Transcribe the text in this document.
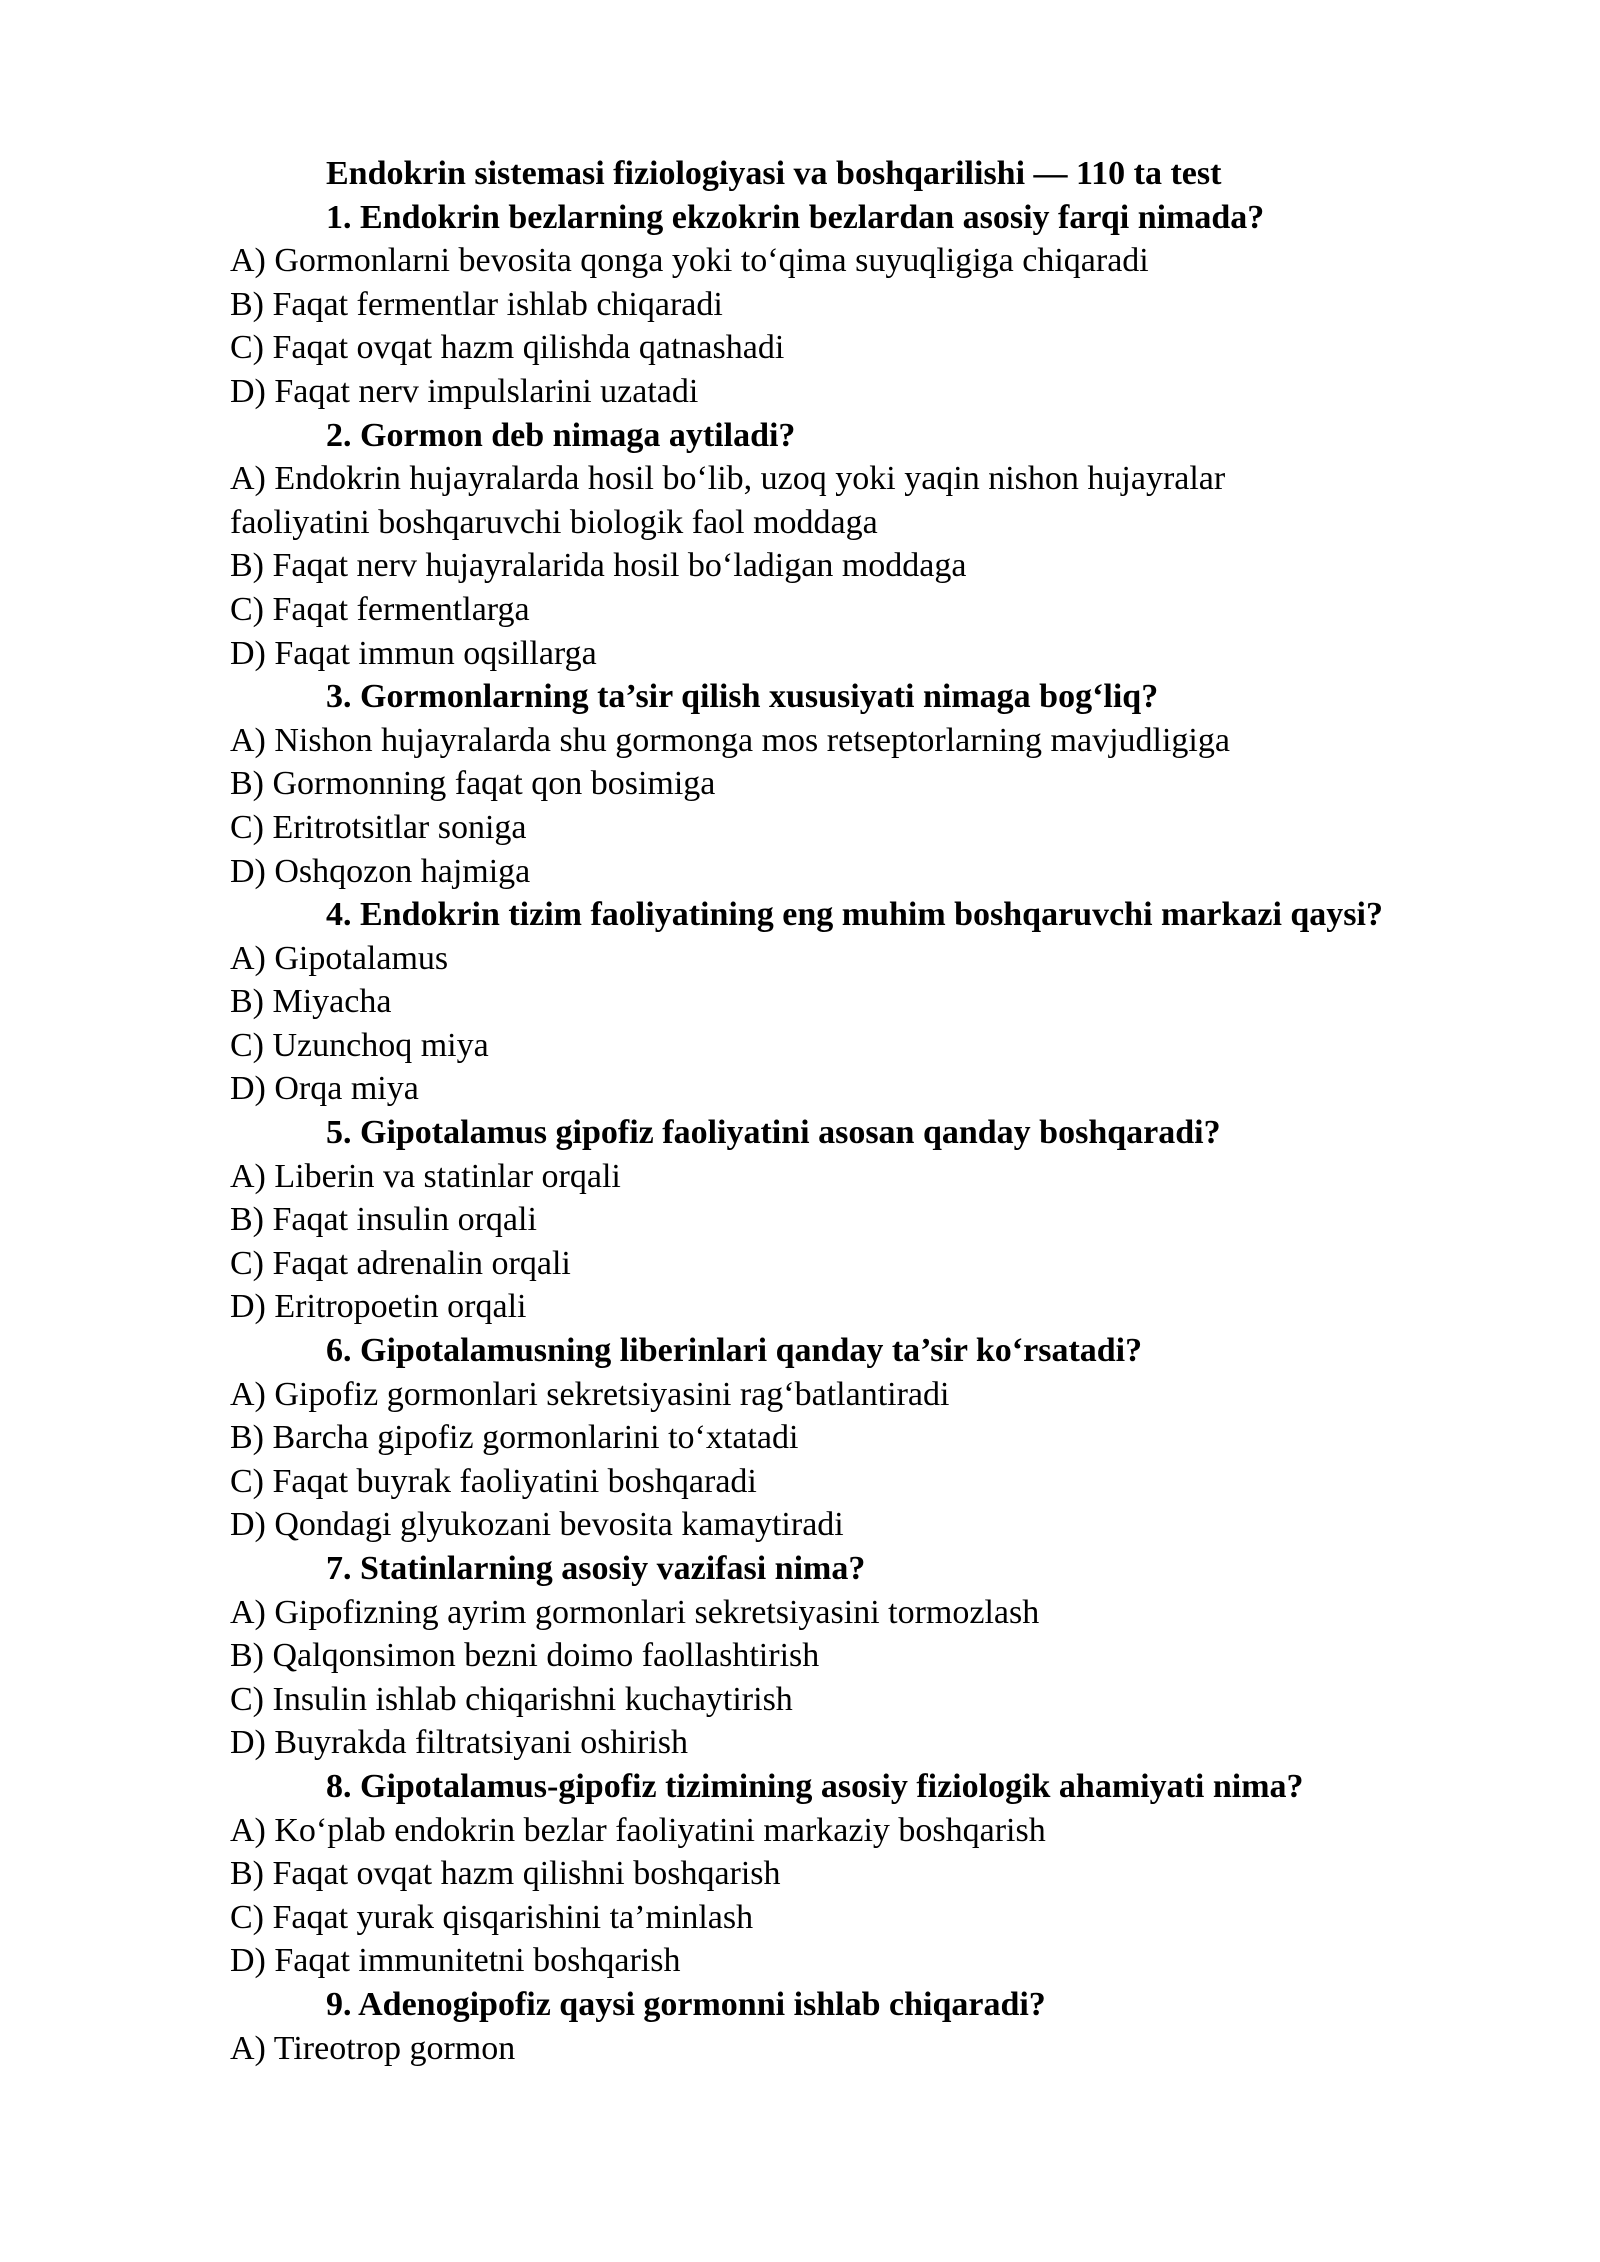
Endokrin sistemasi fiziologiyasi va boshqarilishi — 110 ta test

1. Endokrin bezlarning ekzokrin bezlardan asosiy farqi nimada?

A) Gormonlarni bevosita qonga yoki to‘qima suyuqligiga chiqaradi

B) Faqat fermentlar ishlab chiqaradi

C) Faqat ovqat hazm qilishda qatnashadi

D) Faqat nerv impulslarini uzatadi

2. Gormon deb nimaga aytiladi?

A) Endokrin hujayralarda hosil bo‘lib, uzoq yoki yaqin nishon hujayralar faoliyatini boshqaruvchi biologik faol moddaga

B) Faqat nerv hujayralarida hosil bo‘ladigan moddaga

C) Faqat fermentlarga

D) Faqat immun oqsillarga

3. Gormonlarning ta’sir qilish xususiyati nimaga bog‘liq?

A) Nishon hujayralarda shu gormonga mos retseptorlarning mavjudligiga

B) Gormonning faqat qon bosimiga

C) Eritrotsitlar soniga

D) Oshqozon hajmiga

4. Endokrin tizim faoliyatining eng muhim boshqaruvchi markazi qaysi?

A) Gipotalamus

B) Miyacha

C) Uzunchoq miya

D) Orqa miya

5. Gipotalamus gipofiz faoliyatini asosan qanday boshqaradi?

A) Liberin va statinlar orqali

B) Faqat insulin orqali

C) Faqat adrenalin orqali

D) Eritropoetin orqali

6. Gipotalamusning liberinlari qanday ta’sir ko‘rsatadi?

A) Gipofiz gormonlari sekretsiyasini rag‘batlantiradi

B) Barcha gipofiz gormonlarini to‘xtatadi

C) Faqat buyrak faoliyatini boshqaradi

D) Qondagi glyukozani bevosita kamaytiradi

7. Statinlarning asosiy vazifasi nima?

A) Gipofizning ayrim gormonlari sekretsiyasini tormozlash

B) Qalqonsimon bezni doimo faollashtirish

C) Insulin ishlab chiqarishni kuchaytirish

D) Buyrakda filtratsiyani oshirish

8. Gipotalamus-gipofiz tizimining asosiy fiziologik ahamiyati nima?

A) Ko‘plab endokrin bezlar faoliyatini markaziy boshqarish

B) Faqat ovqat hazm qilishni boshqarish

C) Faqat yurak qisqarishini ta’minlash

D) Faqat immunitetni boshqarish

9. Adenogipofiz qaysi gormonni ishlab chiqaradi?

A) Tireotrop gormon
